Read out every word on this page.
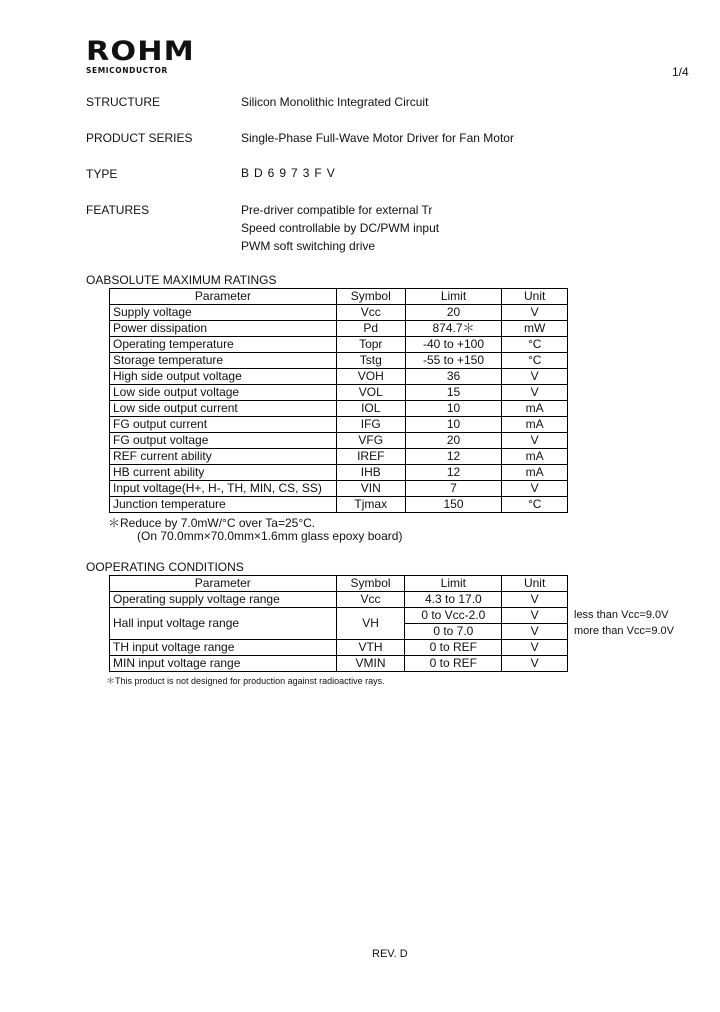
ROHM
SEMICONDUCTOR	1/4
STRUCTURE	Silicon Monolithic Integrated Circuit
PRODUCT SERIES	Single-Phase Full-Wave Motor Driver for Fan Motor
TYPE	BD6973FV
FEATURES	Pre-driver compatible for external Tr
Speed controllable by DC/PWM input
PWM soft switching drive
OABSOLUTE MAXIMUM RATINGS
Parameter	Symbol	Limit	Unit
Supply voltage	Vcc	20	V
Power dissipation	Pd	874.7＊	mW
Operating temperature	Topr	-40 to +100	°C
Storage temperature	Tstg	-55 to +150	°C
High side output voltage	VOH	36	V
Low side output voltage	VOL	15	V
Low side output current	IOL	10	mA
FG output current	IFG	10	mA
FG output voltage	VFG	20	V
REF current ability	IREF	12	mA
HB current ability	IHB	12	mA
Input voltage(H+, H-, TH, MIN, CS, SS)	VIN	7	V
Junction temperature	Tjmax	150	°C
＊Reduce by 7.0mW/°C over Ta=25°C.
(On 70.0mm×70.0mm×1.6mm glass epoxy board)
OOPERATING CONDITIONS
Parameter	Symbol	Limit	Unit
Operating supply voltage range	Vcc	4.3 to 17.0	V
Hall input voltage range	VH	0 to Vcc-2.0	V
		0 to 7.0	V
TH input voltage range	VTH	0 to REF	V
MIN input voltage range	VMIN	0 to REF	V
less than Vcc=9.0V
more than Vcc=9.0V
＊This product is not designed for production against radioactive rays.
REV. D
